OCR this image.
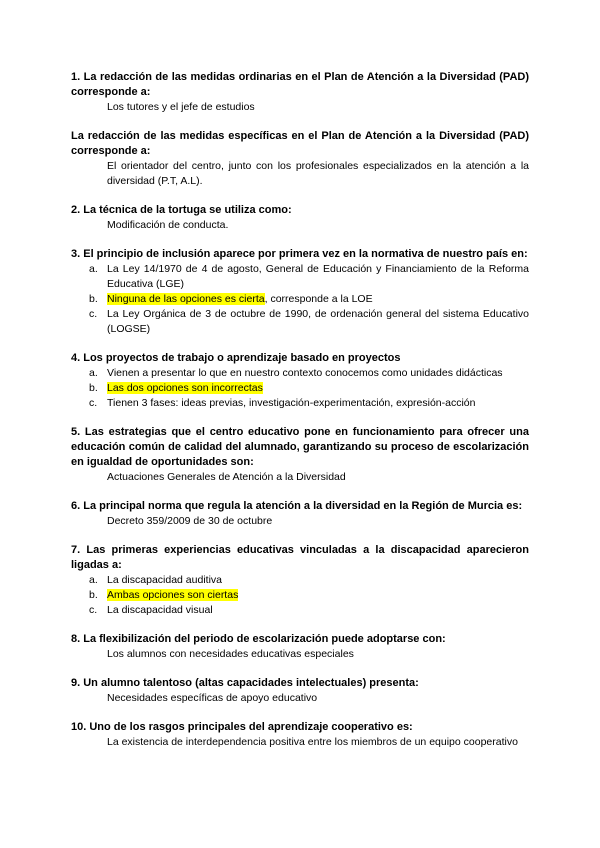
1. La redacción de las medidas ordinarias en el Plan de Atención a la Diversidad (PAD) corresponde a:
Los tutores y el jefe de estudios
La redacción de las medidas específicas en el Plan de Atención a la Diversidad (PAD) corresponde a:
El orientador del centro, junto con los profesionales especializados en la atención a la diversidad (P.T, A.L).
2. La técnica de la tortuga se utiliza como:
Modificación de conducta.
3. El principio de inclusión aparece por primera vez en la normativa de nuestro país en:
a. La Ley 14/1970 de 4 de agosto, General de Educación y Financiamiento de la Reforma Educativa (LGE)
b. Ninguna de las opciones es cierta, corresponde a la LOE
c. La Ley Orgánica de 3 de octubre de 1990, de ordenación general del sistema Educativo (LOGSE)
4. Los proyectos de trabajo o aprendizaje basado en proyectos
a. Vienen a presentar lo que en nuestro contexto conocemos como unidades didácticas
b. Las dos opciones son incorrectas
c. Tienen 3 fases: ideas previas, investigación-experimentación, expresión-acción
5. Las estrategias que el centro educativo pone en funcionamiento para ofrecer una educación común de calidad del alumnado, garantizando su proceso de escolarización en igualdad de oportunidades son:
Actuaciones Generales de Atención a la Diversidad
6. La principal norma que regula la atención a la diversidad en la Región de Murcia es:
Decreto 359/2009 de 30 de octubre
7. Las primeras experiencias educativas vinculadas a la discapacidad aparecieron ligadas a:
a. La discapacidad auditiva
b. Ambas opciones son ciertas
c. La discapacidad visual
8. La flexibilización del periodo de escolarización puede adoptarse con:
Los alumnos con necesidades educativas especiales
9. Un alumno talentoso (altas capacidades intelectuales) presenta:
Necesidades específicas de apoyo educativo
10. Uno de los rasgos principales del aprendizaje cooperativo es:
La existencia de interdependencia positiva entre los miembros de un equipo cooperativo
